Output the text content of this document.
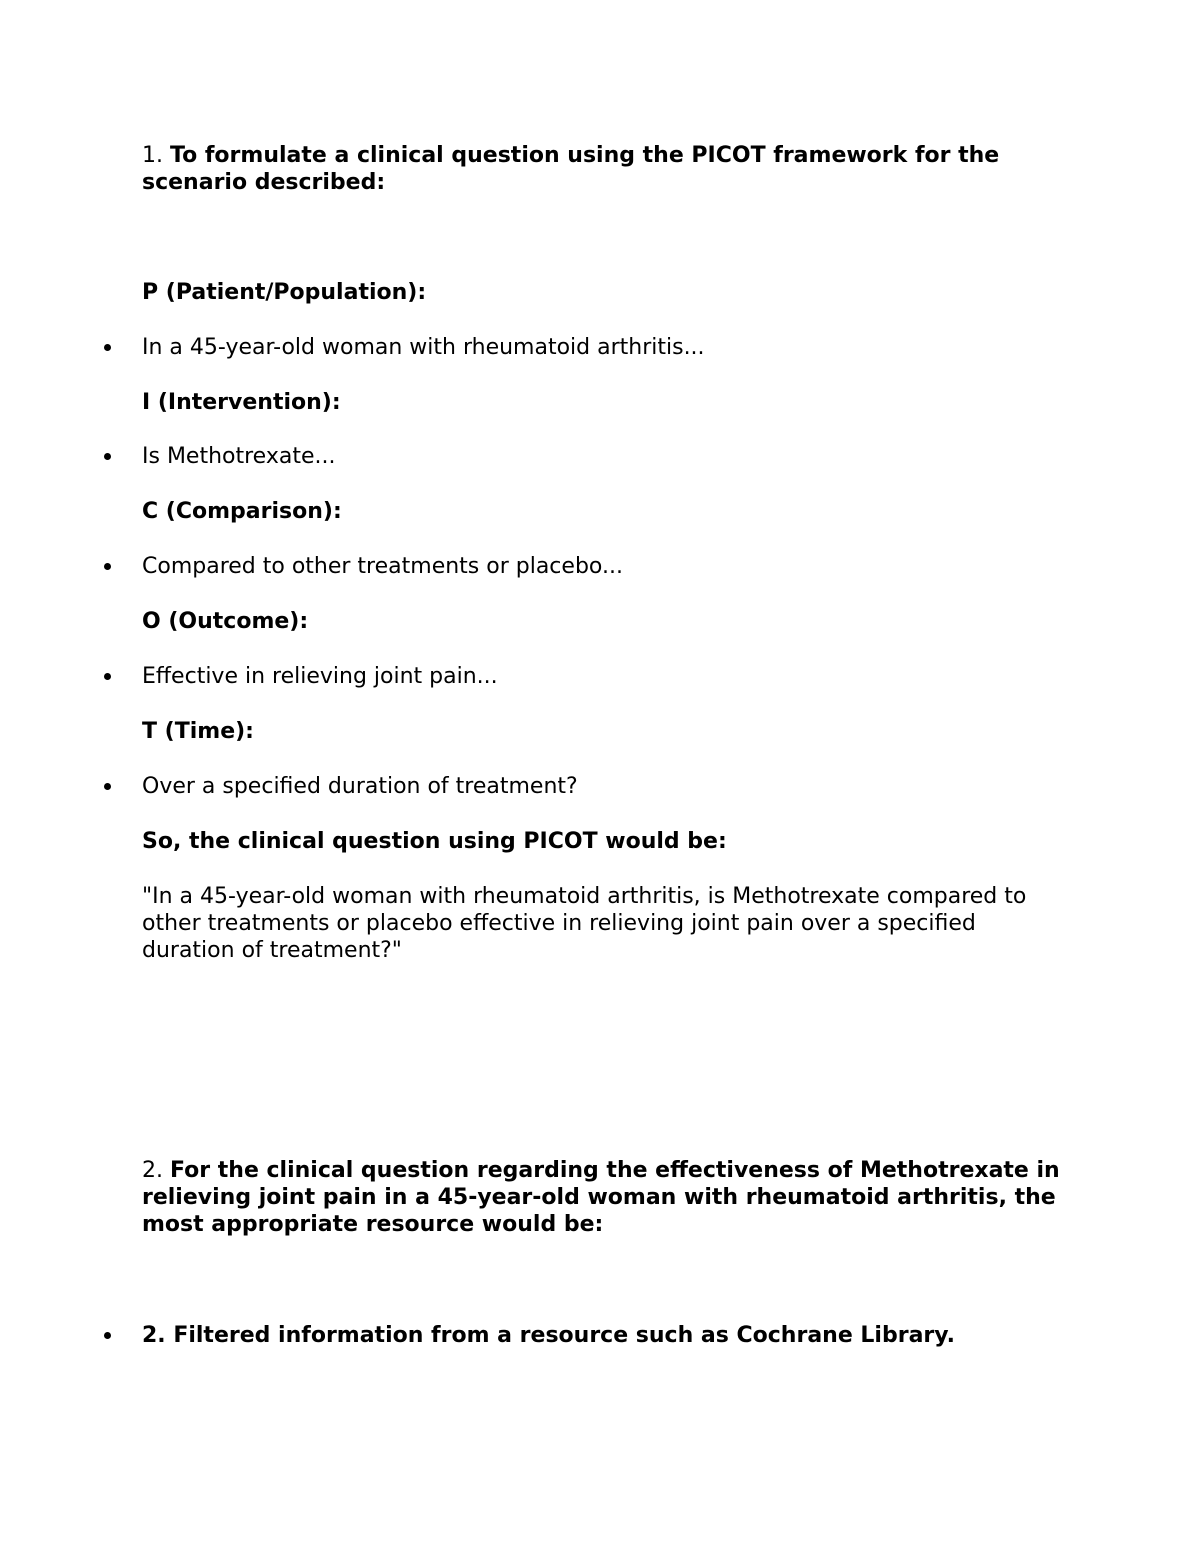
1. To formulate a clinical question using the PICOT framework for the scenario described:

P (Patient/Population):

In a 45-year-old woman with rheumatoid arthritis...

I (Intervention):

Is Methotrexate...

C (Comparison):

Compared to other treatments or placebo...

O (Outcome):

Effective in relieving joint pain...

T (Time):

Over a specified duration of treatment?

So, the clinical question using PICOT would be:

"In a 45-year-old woman with rheumatoid arthritis, is Methotrexate compared to other treatments or placebo effective in relieving joint pain over a specified duration of treatment?"

2. For the clinical question regarding the effectiveness of Methotrexate in relieving joint pain in a 45-year-old woman with rheumatoid arthritis, the most appropriate resource would be:

2. Filtered information from a resource such as Cochrane Library.
